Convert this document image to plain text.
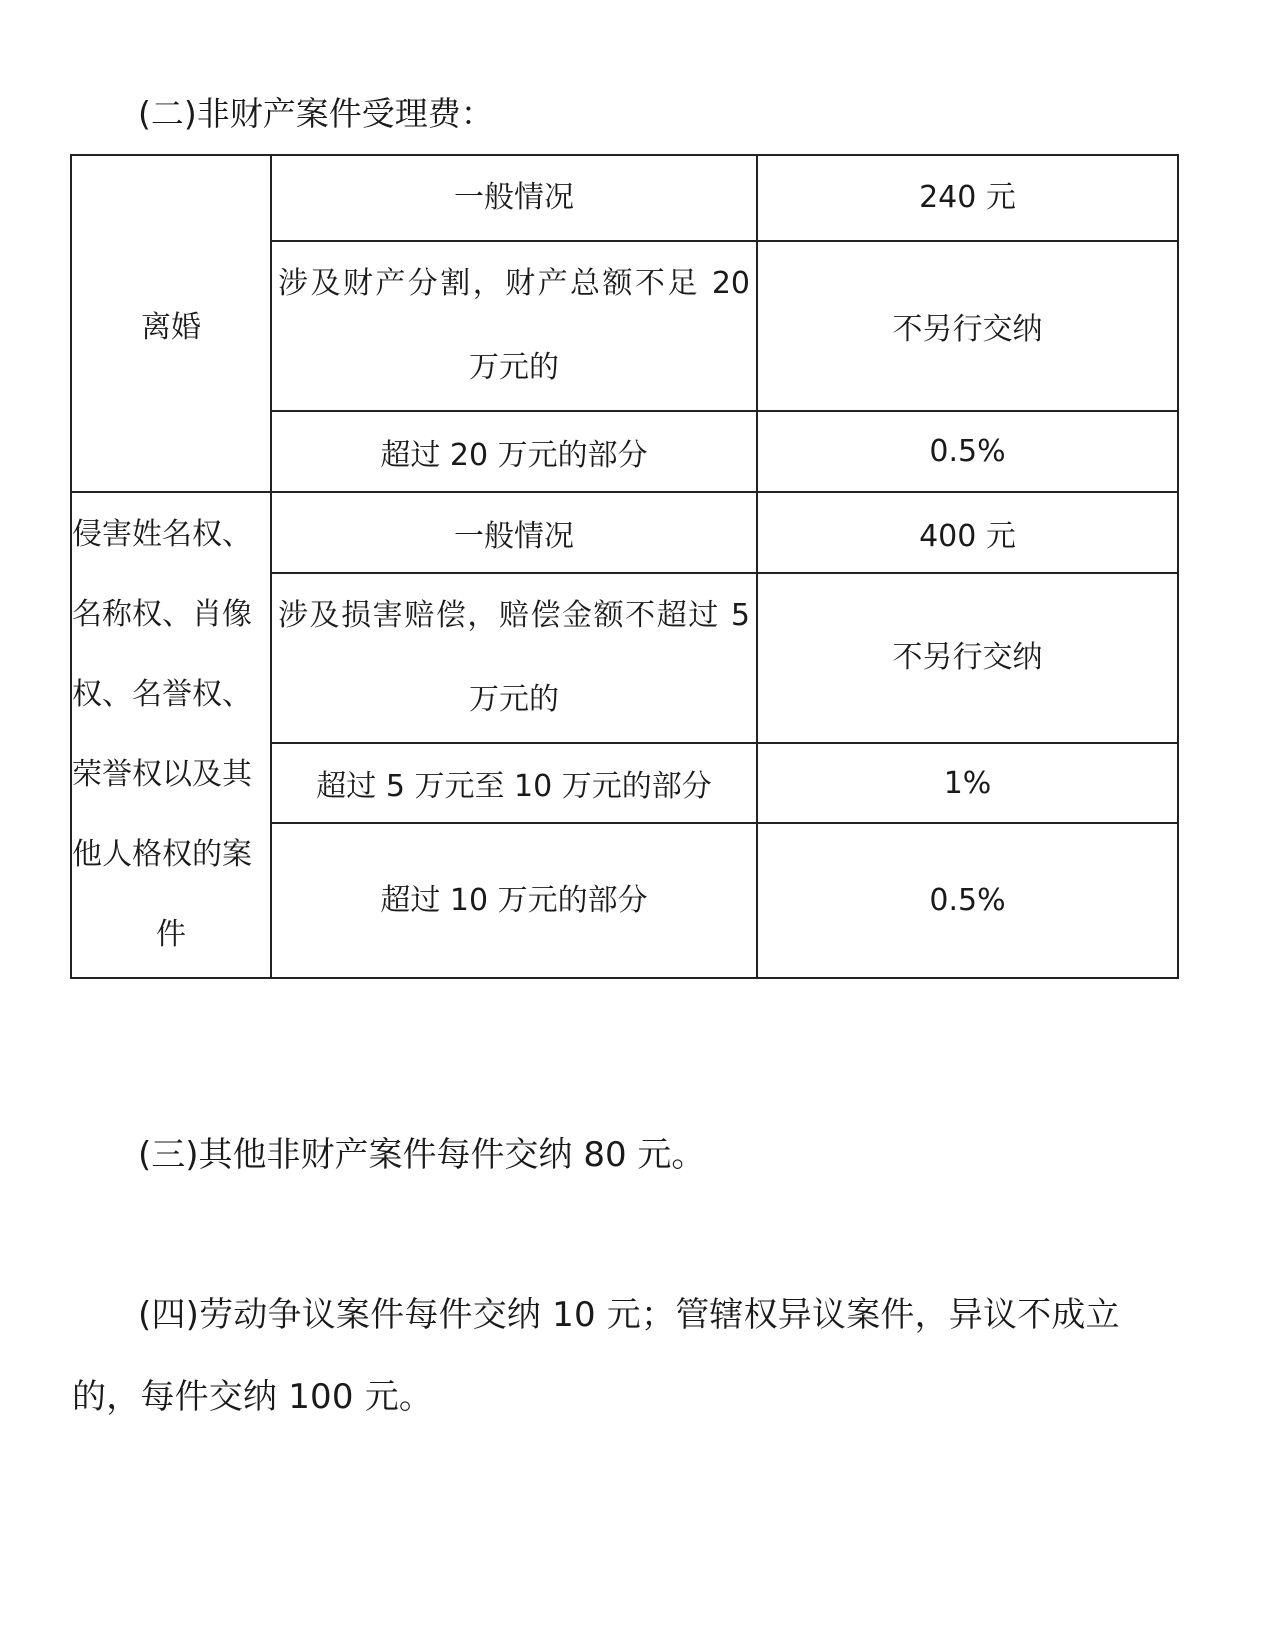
(二)非财产案件受理费：
离婚	一般情况	240 元

	涉及财产分割，财产总额不足 20 万元的	不另行交纳
	超过 20 万元的部分	0.5%

侵害姓名权、名称权、肖像权、名誉权、荣誉权以及其他人格权的案件	一般情况	400 元

	涉及损害赔偿，赔偿金额不超过 5 万元的	不另行交纳

	超过 5 万元至 10 万元的部分	1%

	超过 10 万元的部分	0.5%

(三)其他非财产案件每件交纳 80 元。

(四)劳动争议案件每件交纳 10 元；管辖权异议案件，异议不成立的，每件交纳 100 元。
